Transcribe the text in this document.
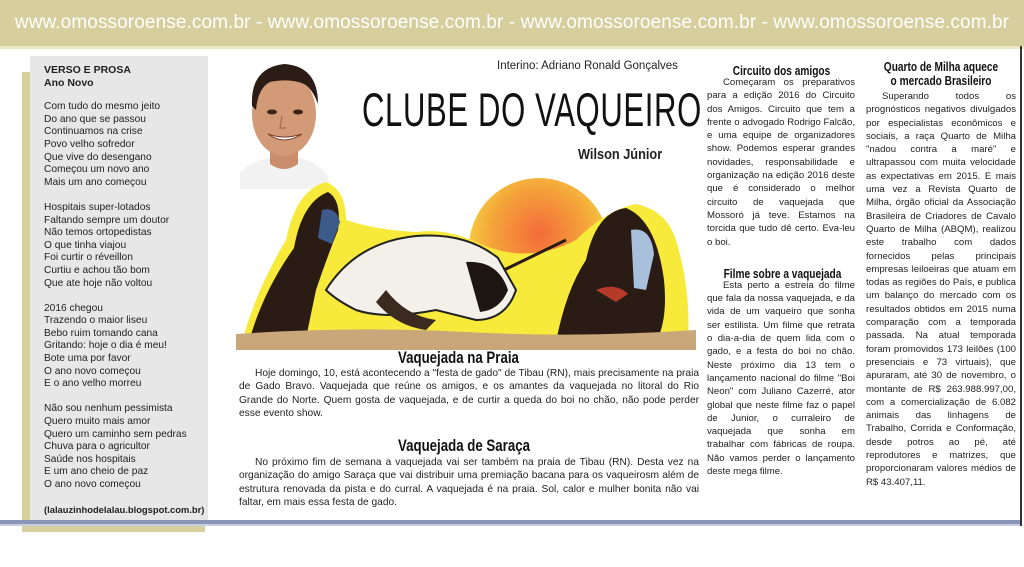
www.omossoroense.com.br - www.omossoroense.com.br - www.omossoroense.com.br - www.omossoroense.com.br
VERSO E PROSA
Ano Novo
Com tudo do mesmo jeito
Do ano que se passou
Continuamos na crise
Povo velho sofredor
Que vive do desengano
Começou um novo ano
Mais um ano começou
Hospitais super-lotados
Faltando sempre um doutor
Não temos ortopedistas
O que tinha viajou
Foi curtir o réveillon
Curtiu e achou tão bom
Que ate hoje não voltou
2016 chegou
Trazendo o maior liseu
Bebo ruim tomando cana
Gritando: hoje o dia é meu!
Bote uma por favor
O ano novo começou
E o ano velho morreu
Não sou nenhum pessimista
Quero muito mais amor
Quero um caminho sem pedras
Chuva para o agricultor
Saúde nos hospitais
E um ano cheio de paz
O ano novo começou
(lalauzinhodelalau.blogspot.com.br)
Interino: Adriano Ronald Gonçalves
CLUBE DO VAQUEIRO
Wilson Júnior
Vaquejada na Praia

Hoje domingo, 10, está acontecendo a "festa de gado" de Tibau (RN), mais precisamente na praia de Gado Bravo. Vaquejada que reúne os amigos, e os amantes da vaquejada no litoral do Rio Grande do Norte. Quem gosta de vaquejada, e de curtir a queda do boi no chão, não pode perder esse evento show.

Vaquejada de Saraça

No próximo fim de semana a vaquejada vai ser também na praia de Tibau (RN). Desta vez na organização do amigo Saraça que vai distribuir uma premiação bacana para os vaqueirosm além de estrutura renovada da pista e do curral. A vaquejada é na praia. Sol, calor e mulher bonita não vai faltar, em mais essa festa de gado.

Circuito dos amigos

Começaram os preparativos para a edição 2016 do Circuito dos Amigos. Circuito que tem a frente o advogado Rodrigo Falcão, e uma equipe de organizadores show. Podemos esperar grandes novidades, responsabilidade e organização na edição 2016 deste que é considerado o melhor circuito de vaquejada que Mossoró já teve. Estamos na torcida que tudo dê certo. Eva-leu o boi.

Filme sobre a vaquejada

Esta perto a estreia do filme que fala da nossa vaquejada, e da vida de um vaqueiro que sonha ser estilista. Um filme que retrata o dia-a-dia de quem lida com o gado, e a festa do boi no chão. Neste próximo dia 13 tem o lançamento nacional do filme "Boi Neon" com Juliano Cazerré, ator global que neste filme faz o papel de Junior, o curraleiro de vaquejada que sonha em trabalhar com fábricas de roupa. Não vamos perder o lançamento deste mega filme.

Quarto de Milha aquece
o mercado Brasileiro

Superando todos os prognósticos negativos divulgados por especialistas econômicos e sociais, a raça Quarto de Milha "nadou contra a maré" e ultrapassou com muita velocidade as expectativas em 2015. E mais uma vez a Revista Quarto de Milha, órgão oficial da Associação Brasileira de Criadores de Cavalo Quarto de Milha (ABQM), realizou este trabalho com dados fornecidos pelas principais empresas leiloeiras que atuam em todas as regiões do País, e publica um balanço do mercado com os resultados obtidos em 2015 numa comparação com a temporada passada. Na atual temporada foram promovidos 173 leilões (100 presenciais e 73 virtuais), que apuraram, até 30 de novembro, o montante de R$ 263.988.997,00, com a comercialização de 6.082 animais das linhagens de Trabalho, Corrida e Conformação, desde potros ao pé, até reprodutores e matrizes, que proporcionaram valores médios de R$ 43.407,11.
